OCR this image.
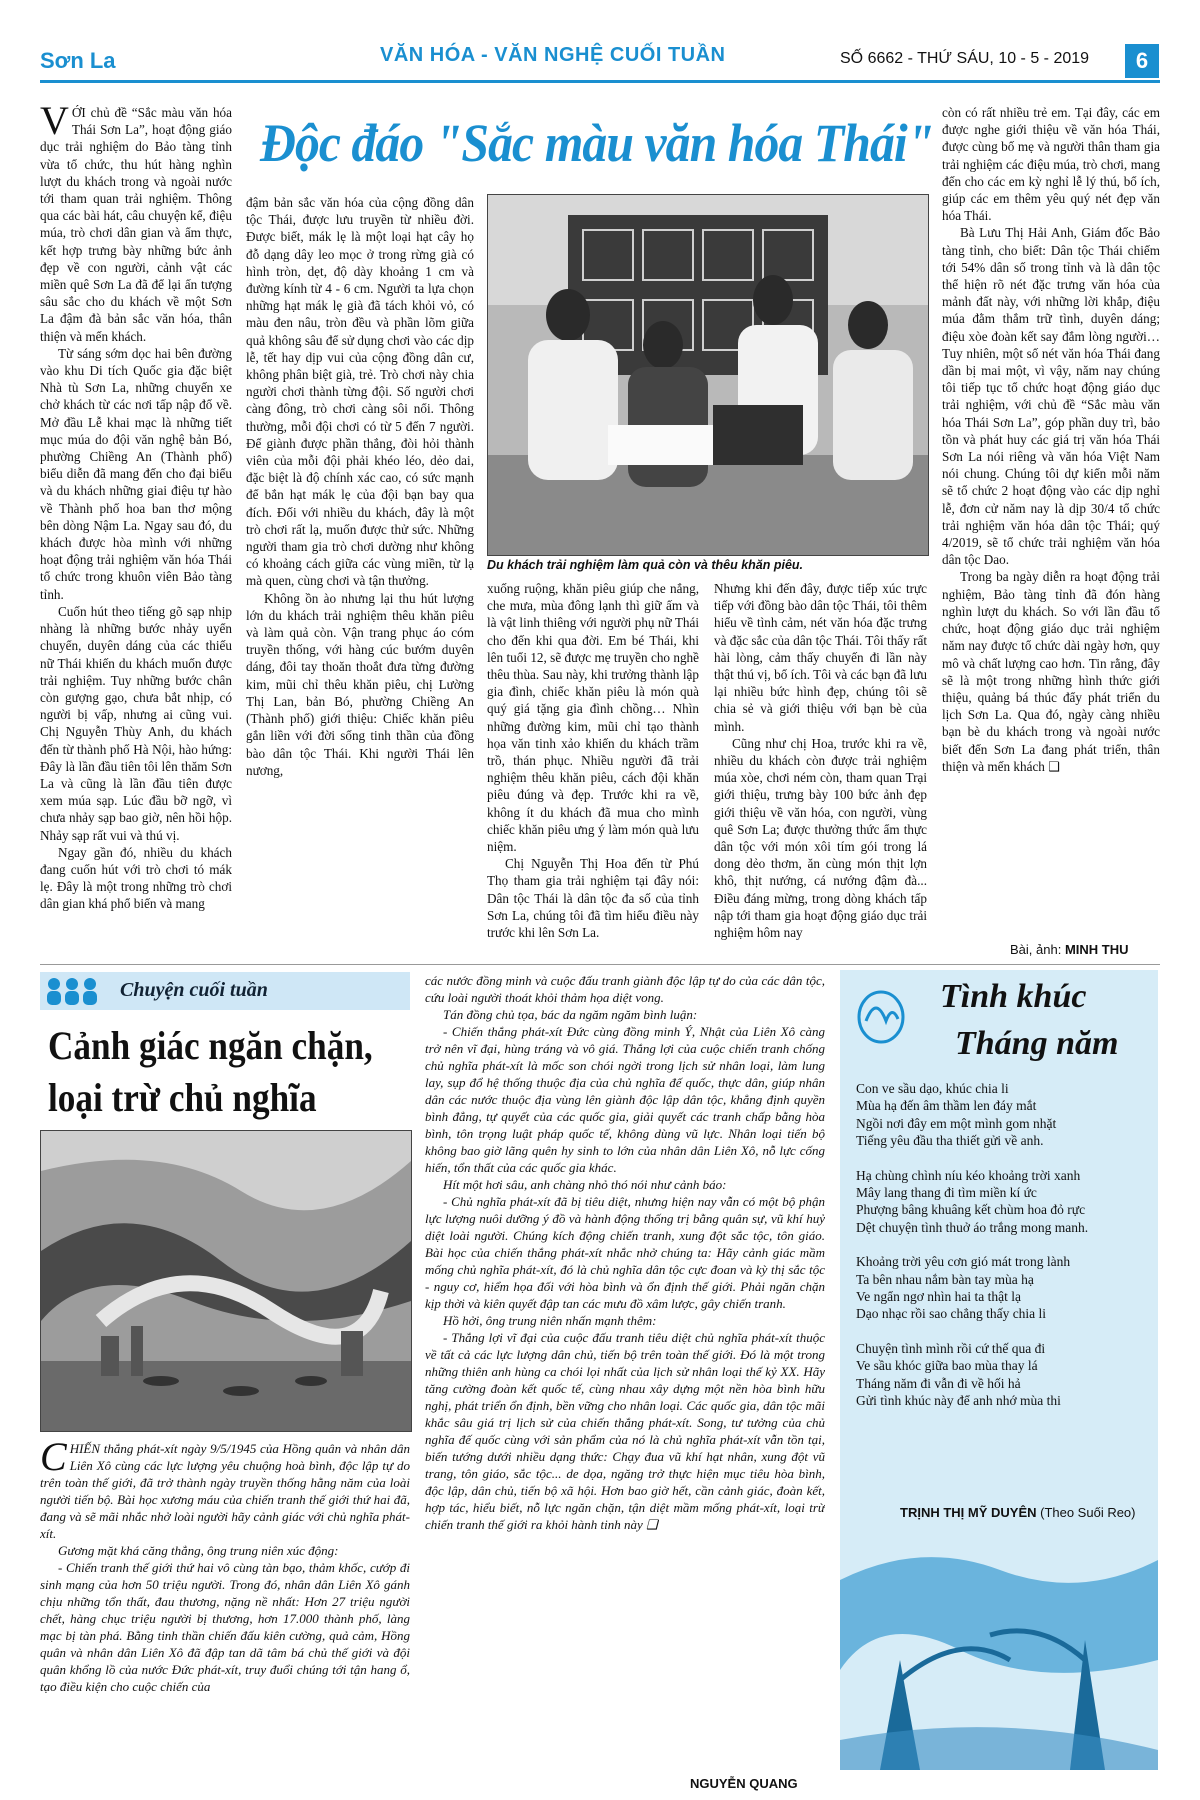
Sơn La	VĂN HÓA - VĂN NGHỆ CUỐI TUẦN	SỐ 6662 - THỨ SÁU, 10 - 5 - 2019	6
Độc đáo "Sắc màu văn hóa Thái"

VỚI chủ đề “Sắc màu văn hóa Thái Sơn La”, hoạt động giáo dục trải nghiệm do Bảo tàng tỉnh vừa tổ chức, thu hút hàng nghìn lượt du khách trong và ngoài nước tới tham quan trải nghiệm. Thông qua các bài hát, câu chuyện kể, điệu múa, trò chơi dân gian và ẩm thực, kết hợp trưng bày những bức ảnh đẹp về con người, cảnh vật các miền quê Sơn La đã để lại ấn tượng sâu sắc cho du khách về một Sơn La đậm đà bản sắc văn hóa, thân thiện và mến khách.

Từ sáng sớm dọc hai bên đường vào khu Di tích Quốc gia đặc biệt Nhà tù Sơn La, những chuyến xe chở khách từ các nơi tấp nập đổ về. Mở đầu Lễ khai mạc là những tiết mục múa do đội văn nghệ bản Bó, phường Chiềng An (Thành phố) biểu diễn đã mang đến cho đại biểu và du khách những giai điệu tự hào về Thành phố hoa ban thơ mộng bên dòng Nậm La. Ngay sau đó, du khách được hòa mình với những hoạt động trải nghiệm văn hóa Thái tổ chức trong khuôn viên Bảo tàng tỉnh.

Cuốn hút theo tiếng gõ sạp nhịp nhàng là những bước nhảy uyển chuyển, duyên dáng của các thiếu nữ Thái khiến du khách muốn được trải nghiệm. Tuy những bước chân còn gượng gạo, chưa bắt nhịp, có người bị vấp, nhưng ai cũng vui. Chị Nguyễn Thùy Anh, du khách đến từ thành phố Hà Nội, hào hứng: Đây là lần đầu tiên tôi lên thăm Sơn La và cũng là lần đầu tiên được xem múa sạp. Lúc đầu bỡ ngỡ, vì chưa nhảy sạp bao giờ, nên hồi hộp. Nhảy sạp rất vui và thú vị.

Ngay gần đó, nhiều du khách đang cuốn hút với trò chơi tó mák lẹ. Đây là một trong những trò chơi dân gian khá phổ biến và mang

đậm bản sắc văn hóa của cộng đồng dân tộc Thái, được lưu truyền từ nhiều đời. Được biết, mák lẹ là một loại hạt cây họ đỗ dạng dây leo mọc ở trong rừng già có hình tròn, dẹt, độ dày khoảng 1 cm và đường kính từ 4 - 6 cm. Người ta lựa chọn những hạt mák lẹ già đã tách khỏi vỏ, có màu đen nâu, tròn đều và phần lõm giữa quả không sâu để sử dụng chơi vào các dịp lễ, tết hay dịp vui của cộng đồng dân cư, không phân biệt già, trẻ. Trò chơi này chia người chơi thành từng đội. Số người chơi càng đông, trò chơi càng sôi nổi. Thông thường, mỗi đội chơi có từ 5 đến 7 người. Để giành được phần thắng, đòi hỏi thành viên của mỗi đội phải khéo léo, dẻo dai, đặc biệt là độ chính xác cao, có sức mạnh để bắn hạt mák lẹ của đội bạn bay qua đích. Đối với nhiều du khách, đây là một trò chơi rất lạ, muốn được thử sức. Những người tham gia trò chơi dường như không có khoảng cách giữa các vùng miền, từ lạ mà quen, cùng chơi và tận thưởng.

Không ồn ào nhưng lại thu hút lượng lớn du khách trải nghiệm thêu khăn piêu và làm quả còn. Vận trang phục áo cóm truyền thống, với hàng cúc bướm duyên dáng, đôi tay thoăn thoắt đưa từng đường kim, mũi chỉ thêu khăn piêu, chị Lường Thị Lan, bản Bó, phường Chiềng An (Thành phố) giới thiệu: Chiếc khăn piêu gắn liền với đời sống tinh thần của đồng bào dân tộc Thái. Khi người Thái lên nương,

Du khách trải nghiệm làm quả còn và thêu khăn piêu.

xuống ruộng, khăn piêu giúp che nắng, che mưa, mùa đông lạnh thì giữ ấm và là vật linh thiêng với người phụ nữ Thái cho đến khi qua đời. Em bé Thái, khi lên tuổi 12, sẽ được mẹ truyền cho nghề thêu thùa. Sau này, khi trưởng thành lập gia đình, chiếc khăn piêu là món quà quý giá tặng gia đình chồng… Nhìn những đường kim, mũi chỉ tạo thành họa văn tinh xảo khiến du khách trầm trồ, thán phục. Nhiều người đã trải nghiệm thêu khăn piêu, cách đội khăn piêu đúng và đẹp. Trước khi ra về, không ít du khách đã mua cho mình chiếc khăn piêu ưng ý làm món quà lưu niệm.

Chị Nguyễn Thị Hoa đến từ Phú Thọ tham gia trải nghiệm tại đây nói: Dân tộc Thái là dân tộc đa số của tỉnh Sơn La, chúng tôi đã tìm hiểu điều này trước khi lên Sơn La.

Nhưng khi đến đây, được tiếp xúc trực tiếp với đồng bào dân tộc Thái, tôi thêm hiểu về tình cảm, nét văn hóa đặc trưng và đặc sắc của dân tộc Thái. Tôi thấy rất hài lòng, cảm thấy chuyến đi lần này thật thú vị, bổ ích. Tôi và các bạn đã lưu lại nhiều bức hình đẹp, chúng tôi sẽ chia sẻ và giới thiệu với bạn bè của mình.

Cũng như chị Hoa, trước khi ra về, nhiều du khách còn được trải nghiệm múa xòe, chơi ném còn, tham quan Trại giới thiệu, trưng bày 100 bức ảnh đẹp giới thiệu về văn hóa, con người, vùng quê Sơn La; được thưởng thức ẩm thực dân tộc với món xôi tím gói trong lá dong dẻo thơm, ăn cùng món thịt lợn khô, thịt nướng, cá nướng đậm đà... Điều đáng mừng, trong dòng khách tấp nập tới tham gia hoạt động giáo dục trải nghiệm hôm nay

còn có rất nhiều trẻ em. Tại đây, các em được nghe giới thiệu về văn hóa Thái, được cùng bố mẹ và người thân tham gia trải nghiệm các điệu múa, trò chơi, mang đến cho các em kỳ nghỉ lễ lý thú, bổ ích, giúp các em thêm yêu quý nét đẹp văn hóa Thái.

Bà Lưu Thị Hải Anh, Giám đốc Bảo tàng tỉnh, cho biết: Dân tộc Thái chiếm tới 54% dân số trong tỉnh và là dân tộc thể hiện rõ nét đặc trưng văn hóa của mảnh đất này, với những lời khắp, điệu múa đằm thắm trữ tình, duyên dáng; điệu xòe đoàn kết say đắm lòng người… Tuy nhiên, một số nét văn hóa Thái đang dần bị mai một, vì vậy, năm nay chúng tôi tiếp tục tổ chức hoạt động giáo dục trải nghiệm, với chủ đề “Sắc màu văn hóa Thái Sơn La”, góp phần duy trì, bảo tồn và phát huy các giá trị văn hóa Thái Sơn La nói riêng và văn hóa Việt Nam nói chung. Chúng tôi dự kiến mỗi năm sẽ tổ chức 2 hoạt động vào các dịp nghỉ lễ, đơn cử năm nay là dịp 30/4 tổ chức trải nghiệm văn hóa dân tộc Thái; quý 4/2019, sẽ tổ chức trải nghiệm văn hóa dân tộc Dao.

Trong ba ngày diễn ra hoạt động trải nghiệm, Bảo tàng tỉnh đã đón hàng nghìn lượt du khách. So với lần đầu tổ chức, hoạt động giáo dục trải nghiệm năm nay được tổ chức dài ngày hơn, quy mô và chất lượng cao hơn. Tin rằng, đây sẽ là một trong những hình thức giới thiệu, quảng bá thúc đẩy phát triển du lịch Sơn La. Qua đó, ngày càng nhiều bạn bè du khách trong và ngoài nước biết đến Sơn La đang phát triển, thân thiện và mến khách ❑

Bài, ảnh: MINH THU
Chuyện cuối tuần
Cảnh giác ngăn chặn,
loại trừ chủ nghĩa

CHIẾN thắng phát-xít ngày 9/5/1945 của Hồng quân và nhân dân Liên Xô cùng các lực lượng yêu chuộng hoà bình, độc lập tự do trên toàn thế giới, đã trở thành ngày truyền thống hằng năm của loài người tiến bộ. Bài học xương máu của chiến tranh thế giới thứ hai đã, đang và sẽ mãi nhắc nhở loài người hãy cảnh giác với chủ nghĩa phát-xít.

Gương mặt khá căng thẳng, ông trung niên xúc động:

- Chiến tranh thế giới thứ hai vô cùng tàn bạo, thảm khốc, cướp đi sinh mạng của hơn 50 triệu người. Trong đó, nhân dân Liên Xô gánh chịu những tổn thất, đau thương, nặng nề nhất: Hơn 27 triệu người chết, hàng chục triệu người bị thương, hơn 17.000 thành phố, làng mạc bị tàn phá. Bằng tinh thần chiến đấu kiên cường, quả cảm, Hồng quân và nhân dân Liên Xô đã đập tan dã tâm bá chủ thế giới và đội quân khổng lồ của nước Đức phát-xít, truy đuổi chúng tới tận hang ổ, tạo điều kiện cho cuộc chiến của

các nước đồng minh và cuộc đấu tranh giành độc lập tự do của các dân tộc, cứu loài người thoát khỏi thảm họa diệt vong.

Tán đồng chủ tọa, bác da ngăm ngăm bình luận:

- Chiến thắng phát-xít Đức cùng đồng minh Ý, Nhật của Liên Xô càng trở nên vĩ đại, hùng tráng và vô giá. Thắng lợi của cuộc chiến tranh chống chủ nghĩa phát-xít là mốc son chói ngời trong lịch sử nhân loại, làm lung lay, sụp đổ hệ thống thuộc địa của chủ nghĩa đế quốc, thực dân, giúp nhân dân các nước thuộc địa vùng lên giành độc lập dân tộc, khẳng định quyền bình đẳng, tự quyết của các quốc gia, giải quyết các tranh chấp bằng hòa bình, tôn trọng luật pháp quốc tế, không dùng vũ lực. Nhân loại tiến bộ không bao giờ lãng quên hy sinh to lớn của nhân dân Liên Xô, nỗ lực cống hiến, tổn thất của các quốc gia khác.

Hít một hơi sâu, anh chàng nhỏ thó nói như cảnh báo:

- Chủ nghĩa phát-xít đã bị tiêu diệt, nhưng hiện nay vẫn có một bộ phận lực lượng nuôi dưỡng ý đồ và hành động thống trị bằng quân sự, vũ khí huỷ diệt loài người. Chúng kích động chiến tranh, xung đột sắc tộc, tôn giáo. Bài học của chiến thắng phát-xít nhắc nhở chúng ta: Hãy cảnh giác mầm mống chủ nghĩa phát-xít, đó là chủ nghĩa dân tộc cực đoan và kỳ thị sắc tộc - nguy cơ, hiểm họa đối với hòa bình và ổn định thế giới. Phải ngăn chặn kịp thời và kiên quyết đập tan các mưu đồ xâm lược, gây chiến tranh.

Hồ hởi, ông trung niên nhấn mạnh thêm:

- Thắng lợi vĩ đại của cuộc đấu tranh tiêu diệt chủ nghĩa phát-xít thuộc về tất cả các lực lượng dân chủ, tiến bộ trên toàn thế giới. Đó là một trong những thiên anh hùng ca chói lọi nhất của lịch sử nhân loại thế kỷ XX. Hãy tăng cường đoàn kết quốc tế, cùng nhau xây dựng một nền hòa bình hữu nghị, phát triển ổn định, bền vững cho nhân loại. Các quốc gia, dân tộc mãi khắc sâu giá trị lịch sử của chiến thắng phát-xít. Song, tư tưởng của chủ nghĩa đế quốc cùng với sản phẩm của nó là chủ nghĩa phát-xít vẫn tồn tại, biến tướng dưới nhiều dạng thức: Chạy đua vũ khí hạt nhân, xung đột vũ trang, tôn giáo, sắc tộc... de dọa, ngăng trở thực hiện mục tiêu hòa bình, độc lập, dân chủ, tiến bộ xã hội. Hơn bao giờ hết, cần cảnh giác, đoàn kết, hợp tác, hiểu biết, nỗ lực ngăn chặn, tận diệt mầm mống phát-xít, loại trừ chiến tranh thế giới ra khỏi hành tinh này ❑

NGUYỄN QUANG
Tình khúc
Tháng năm
Con ve sầu dạo, khúc chia li
Mùa hạ đến âm thầm len đáy mắt
Ngồi nơi đây em một mình gom nhặt
Tiếng yêu đầu tha thiết gửi về anh.
Hạ chùng chình níu kéo khoảng trời xanh
Mây lang thang đi tìm miền kí ức
Phượng bâng khuâng kết chùm hoa đỏ rực
Dệt chuyện tình thuở áo trắng mong manh.
Khoảng trời yêu cơn gió mát trong lành
Ta bên nhau nắm bàn tay mùa hạ
Ve ngẩn ngơ nhìn hai ta thật lạ
Dạo nhạc rồi sao chẳng thấy chia li
Chuyện tình mình rồi cứ thế qua đi
Ve sầu khóc giữa bao mùa thay lá
Tháng năm đi vẫn đi về hối hả
Gửi tình khúc này để anh nhớ mùa thi
TRỊNH THỊ MỸ DUYÊN (Theo Suối Reo)
